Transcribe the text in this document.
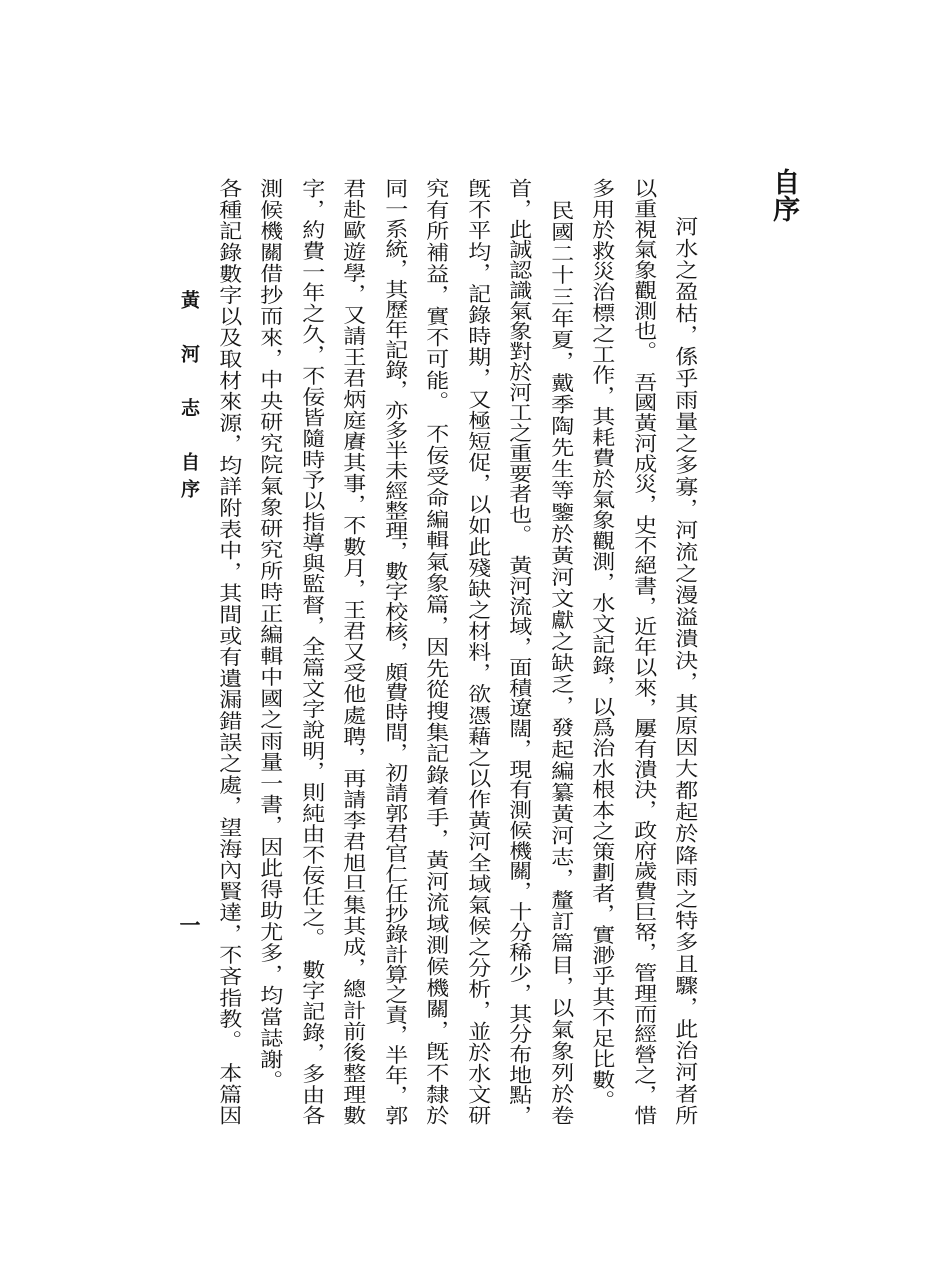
自序
河水之盈枯，係乎雨量之多寡，河流之漫溢潰決，其原因大都起於降雨之特多且驟，此治河者所
以重視氣象觀測也。　吾國黃河成災，史不絕書，近年以來，屢有潰決，政府歲費巨帑，管理而經營之，惜
多用於救災治標之工作，其耗費於氣象觀測，水文記錄，以爲治水根本之策劃者，實渺乎其不足比數。
民國二十三年夏，戴季陶先生等鑒於黃河文獻之缺乏，發起編纂黃河志，釐訂篇目，以氣象列於卷
首，此誠認識氣象對於河工之重要者也。　黃河流域，面積遼闊，現有測候機關，十分稀少，其分布地點，
旣不平均，記錄時期，又極短促，以如此殘缺之材料，欲憑藉之以作黃河全域氣候之分析，並於水文研
究有所補益，實不可能。　不佞受命編輯氣象篇，因先從搜集記錄着手，黃河流域測候機關，旣不隸於
同一系統，其歷年記錄，亦多半未經整理，數字校核，頗費時間，初請郭君官仁任抄錄計算之責，半年，郭
君赴歐遊學，又請王君炳庭賡其事，不數月，王君又受他處聘，再請李君旭旦集其成，總計前後整理數
字，約費一年之久，不佞皆隨時予以指導與監督，全篇文字說明，則純由不佞任之。　數字記錄，多由各
測候機關借抄而來，中央研究院氣象研究所時正編輯中國之雨量一書，因此得助尤多，均當誌謝。
各種記錄數字以及取材來源，均詳附表中，其間或有遺漏錯誤之處，望海內賢達，不吝指教。　本篇因
黃　河　志　自序
一
